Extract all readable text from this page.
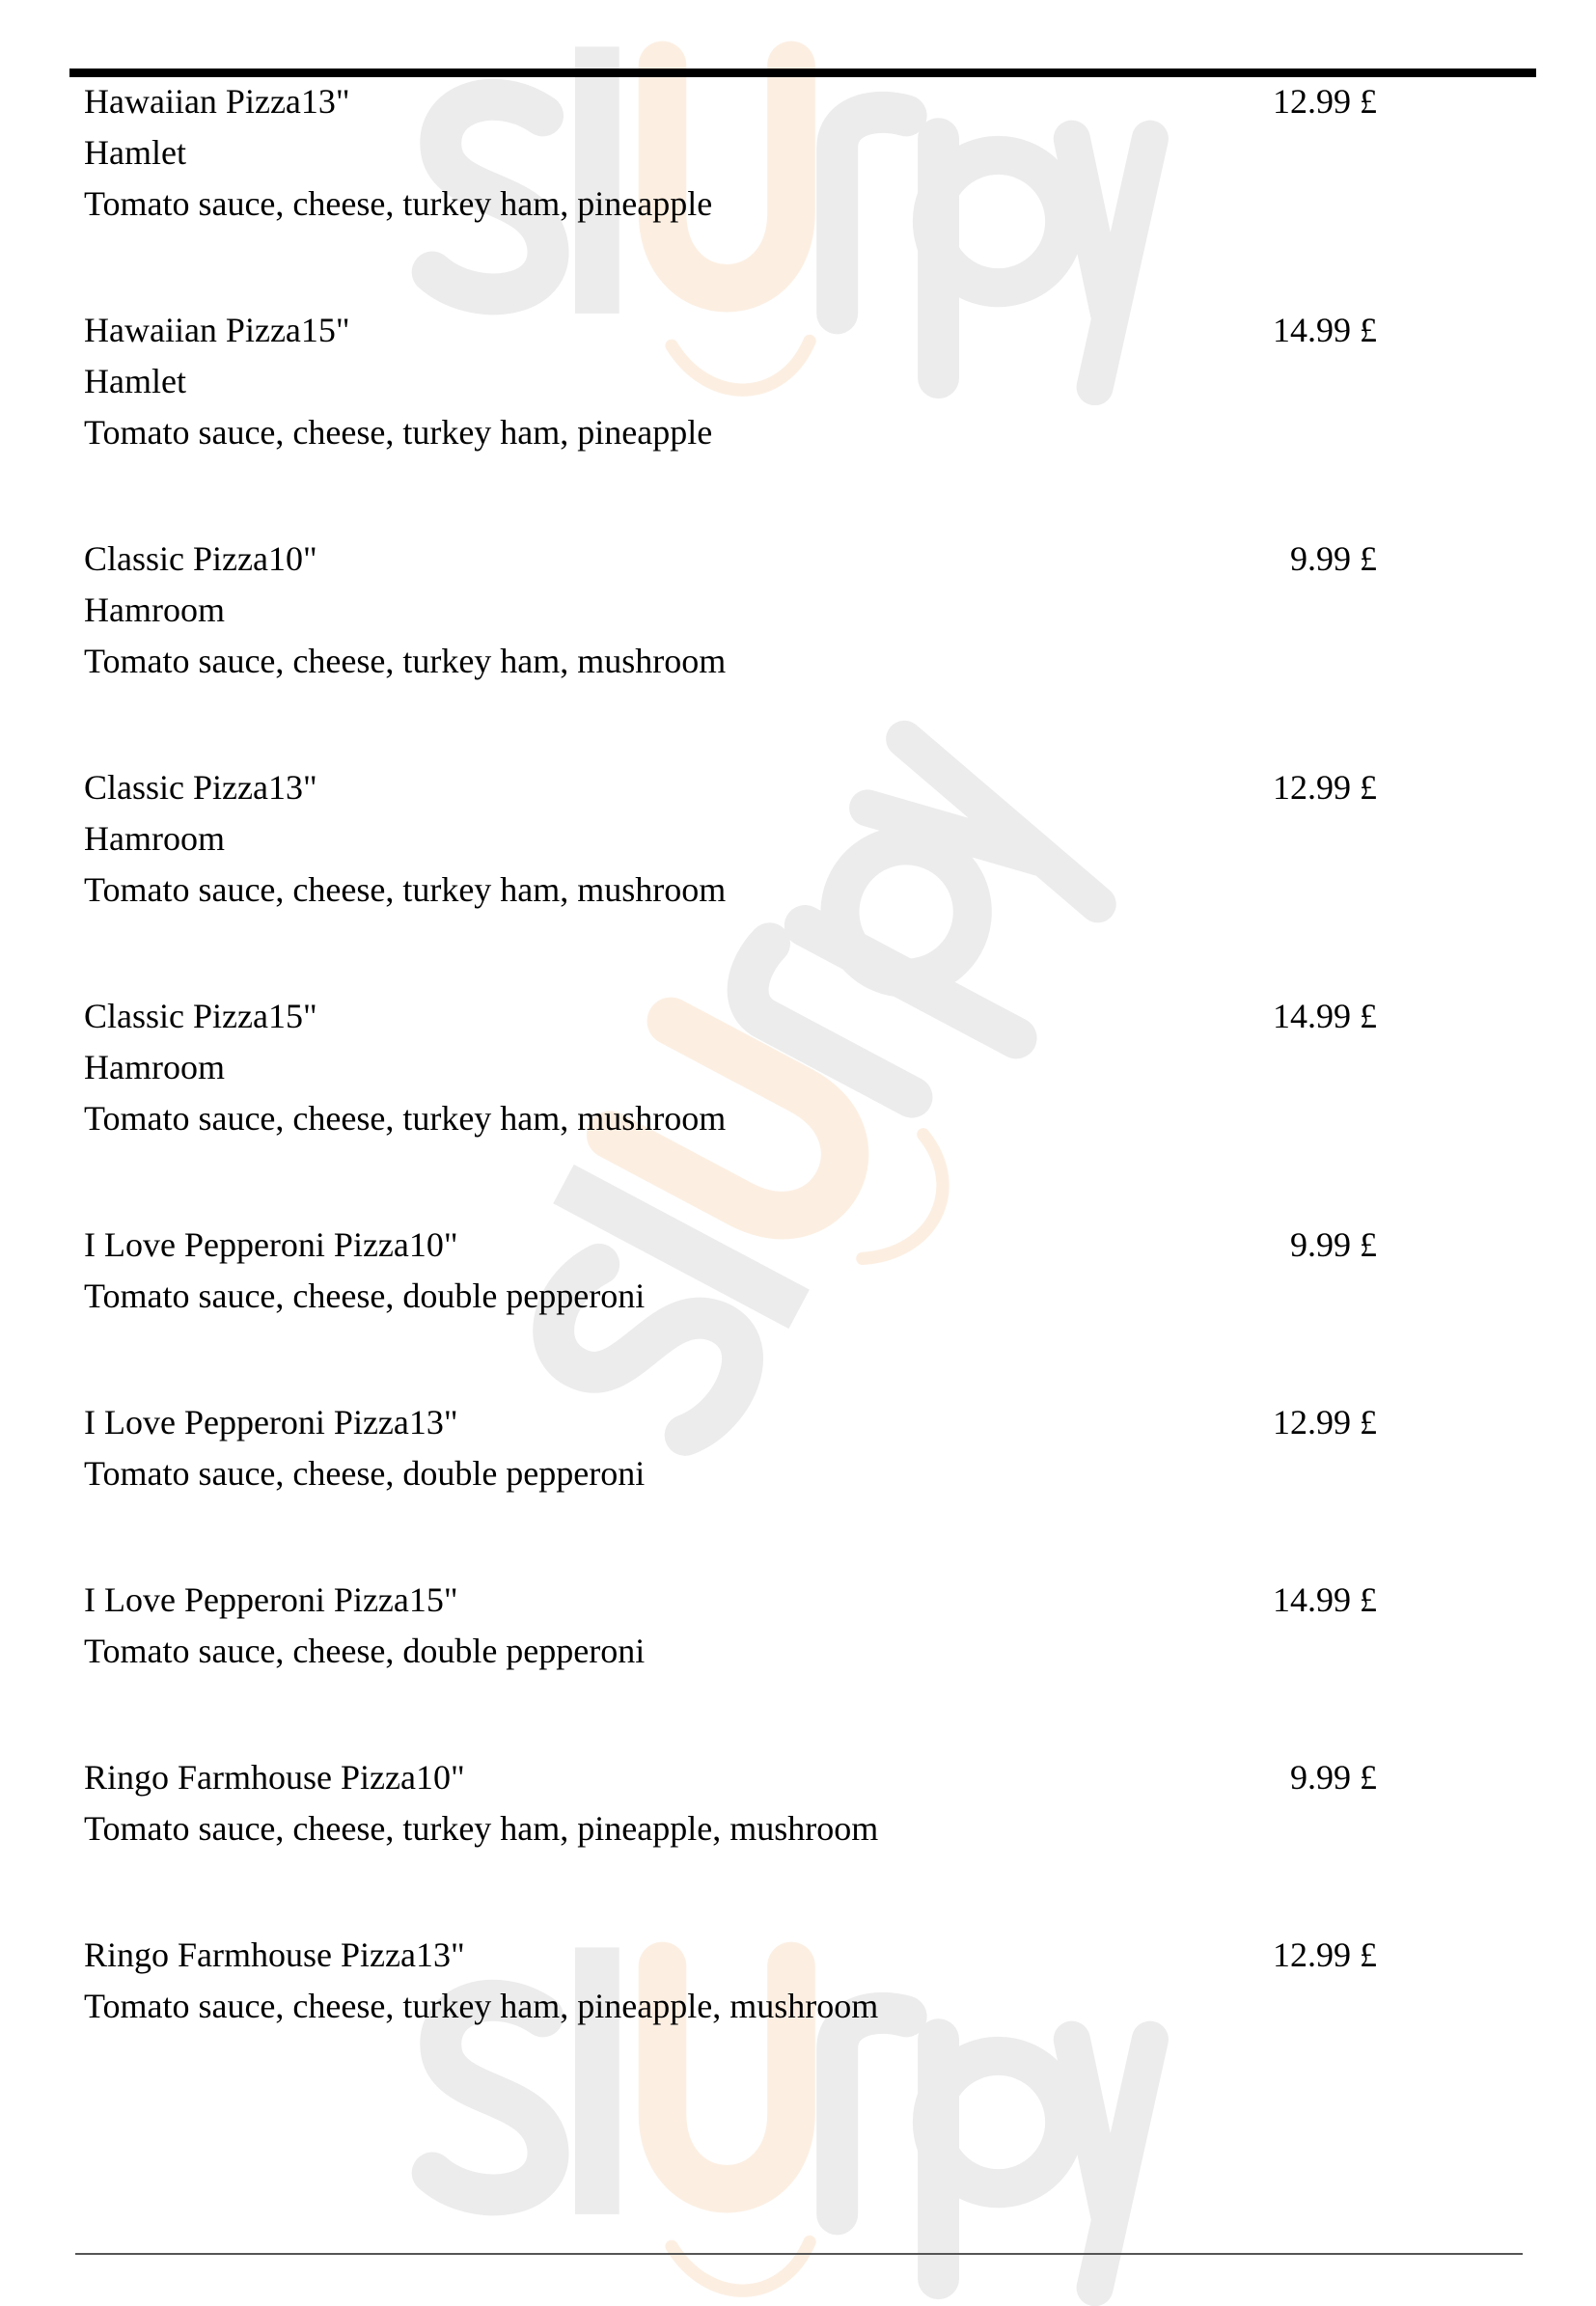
Hawaiian Pizza13"
Hamlet
Tomato sauce, cheese, turkey ham, pineapple
12.99 £
Hawaiian Pizza15"
Hamlet
Tomato sauce, cheese, turkey ham, pineapple
14.99 £
Classic Pizza10"
Hamroom
Tomato sauce, cheese, turkey ham, mushroom
9.99 £
Classic Pizza13"
Hamroom
Tomato sauce, cheese, turkey ham, mushroom
12.99 £
Classic Pizza15"
Hamroom
Tomato sauce, cheese, turkey ham, mushroom
14.99 £
I Love Pepperoni Pizza10"
Tomato sauce, cheese, double pepperoni
9.99 £
I Love Pepperoni Pizza13"
Tomato sauce, cheese, double pepperoni
12.99 £
I Love Pepperoni Pizza15"
Tomato sauce, cheese, double pepperoni
14.99 £
Ringo Farmhouse Pizza10"
Tomato sauce, cheese, turkey ham, pineapple, mushroom
9.99 £
Ringo Farmhouse Pizza13"
Tomato sauce, cheese, turkey ham, pineapple, mushroom
12.99 £
